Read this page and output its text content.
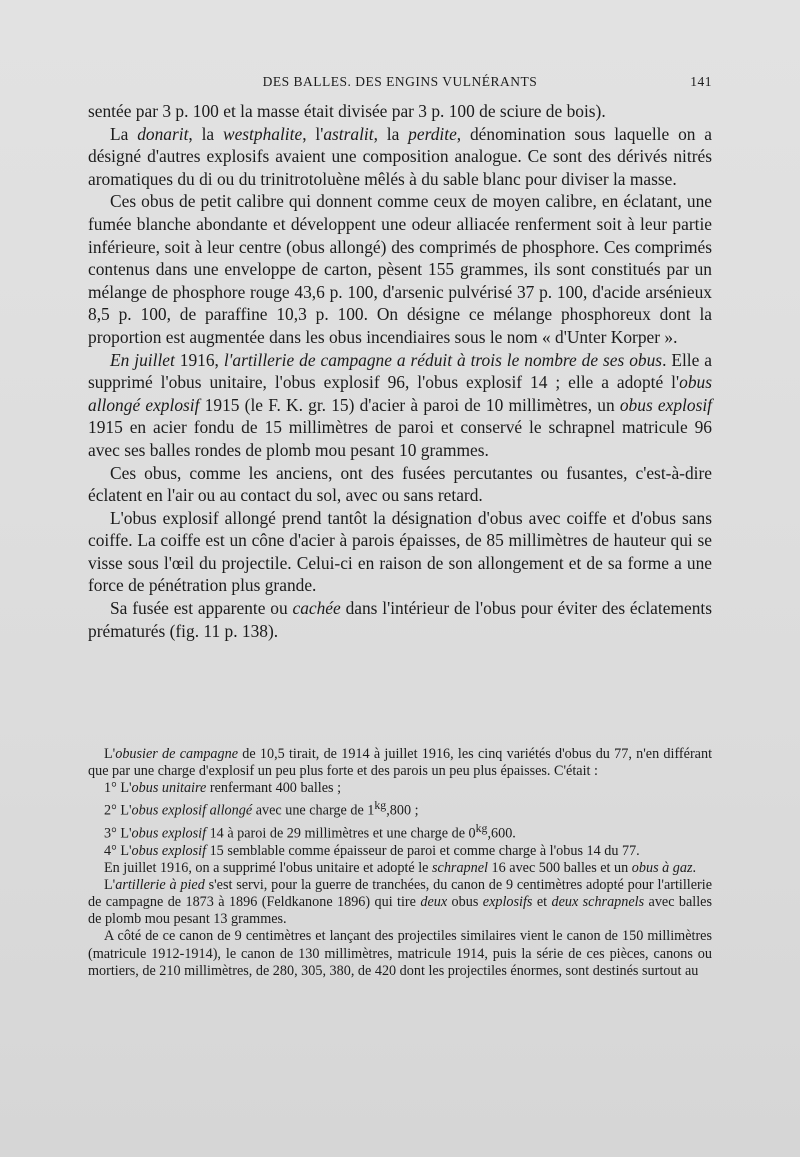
DES BALLES. DES ENGINS VULNÉRANTS	141

sentée par 3 p. 100 et la masse était divisée par 3 p. 100 de sciure de bois).

La donarit, la westphalite, l'astralit, la perdite, dénomination sous laquelle on a désigné d'autres explosifs avaient une composition analogue. Ce sont des dérivés nitrés aromatiques du di ou du trinitrotoluène mêlés à du sable blanc pour diviser la masse.

Ces obus de petit calibre qui donnent comme ceux de moyen calibre, en éclatant, une fumée blanche abondante et développent une odeur alliacée renferment soit à leur partie inférieure, soit à leur centre (obus allongé) des comprimés de phosphore. Ces comprimés contenus dans une enveloppe de carton, pèsent 155 grammes, ils sont constitués par un mélange de phosphore rouge 43,6 p. 100, d'arsenic pulvérisé 37 p. 100, d'acide arsénieux 8,5 p. 100, de paraffine 10,3 p. 100. On désigne ce mélange phosphoreux dont la proportion est augmentée dans les obus incendiaires sous le nom « d'Unter Korper ».

En juillet 1916, l'artillerie de campagne a réduit à trois le nombre de ses obus. Elle a supprimé l'obus unitaire, l'obus explosif 96, l'obus explosif 14 ; elle a adopté l'obus allongé explosif 1915 (le F. K. gr. 15) d'acier à paroi de 10 millimètres, un obus explosif 1915 en acier fondu de 15 millimètres de paroi et conservé le schrapnel matricule 96 avec ses balles rondes de plomb mou pesant 10 grammes.

Ces obus, comme les anciens, ont des fusées percutantes ou fusantes, c'est-à-dire éclatent en l'air ou au contact du sol, avec ou sans retard.

L'obus explosif allongé prend tantôt la désignation d'obus avec coiffe et d'obus sans coiffe. La coiffe est un cône d'acier à parois épaisses, de 85 millimètres de hauteur qui se visse sous l'œil du projectile. Celui-ci en raison de son allongement et de sa forme a une force de pénétration plus grande.

Sa fusée est apparente ou cachée dans l'intérieur de l'obus pour éviter des éclatements prématurés (fig. 11 p. 138).

L'obusier de campagne de 10,5 tirait, de 1914 à juillet 1916, les cinq variétés d'obus du 77, n'en différant que par une charge d'explosif un peu plus forte et des parois un peu plus épaisses. C'était :

1° L'obus unitaire renfermant 400 balles ;

2° L'obus explosif allongé avec une charge de $1^{kg},800$ ;

3° L'obus explosif 14 à paroi de 29 millimètres et une charge de $0^{kg},600$.

4° L'obus explosif 15 semblable comme épaisseur de paroi et comme charge à l'obus 14 du 77.

En juillet 1916, on a supprimé l'obus unitaire et adopté le schrapnel 16 avec 500 balles et un obus à gaz.

L'artillerie à pied s'est servi, pour la guerre de tranchées, du canon de 9 centimètres adopté pour l'artillerie de campagne de 1873 à 1896 (Feldkanone 1896) qui tire deux obus explosifs et deux schrapnels avec balles de plomb mou pesant 13 grammes.

A côté de ce canon de 9 centimètres et lançant des projectiles similaires vient le canon de 150 millimètres (matricule 1912-1914), le canon de 130 millimètres, matricule 1914, puis la série de ces pièces, canons ou mortiers, de 210 millimètres, de 280, 305, 380, de 420 dont les projectiles énormes, sont destinés surtout au
